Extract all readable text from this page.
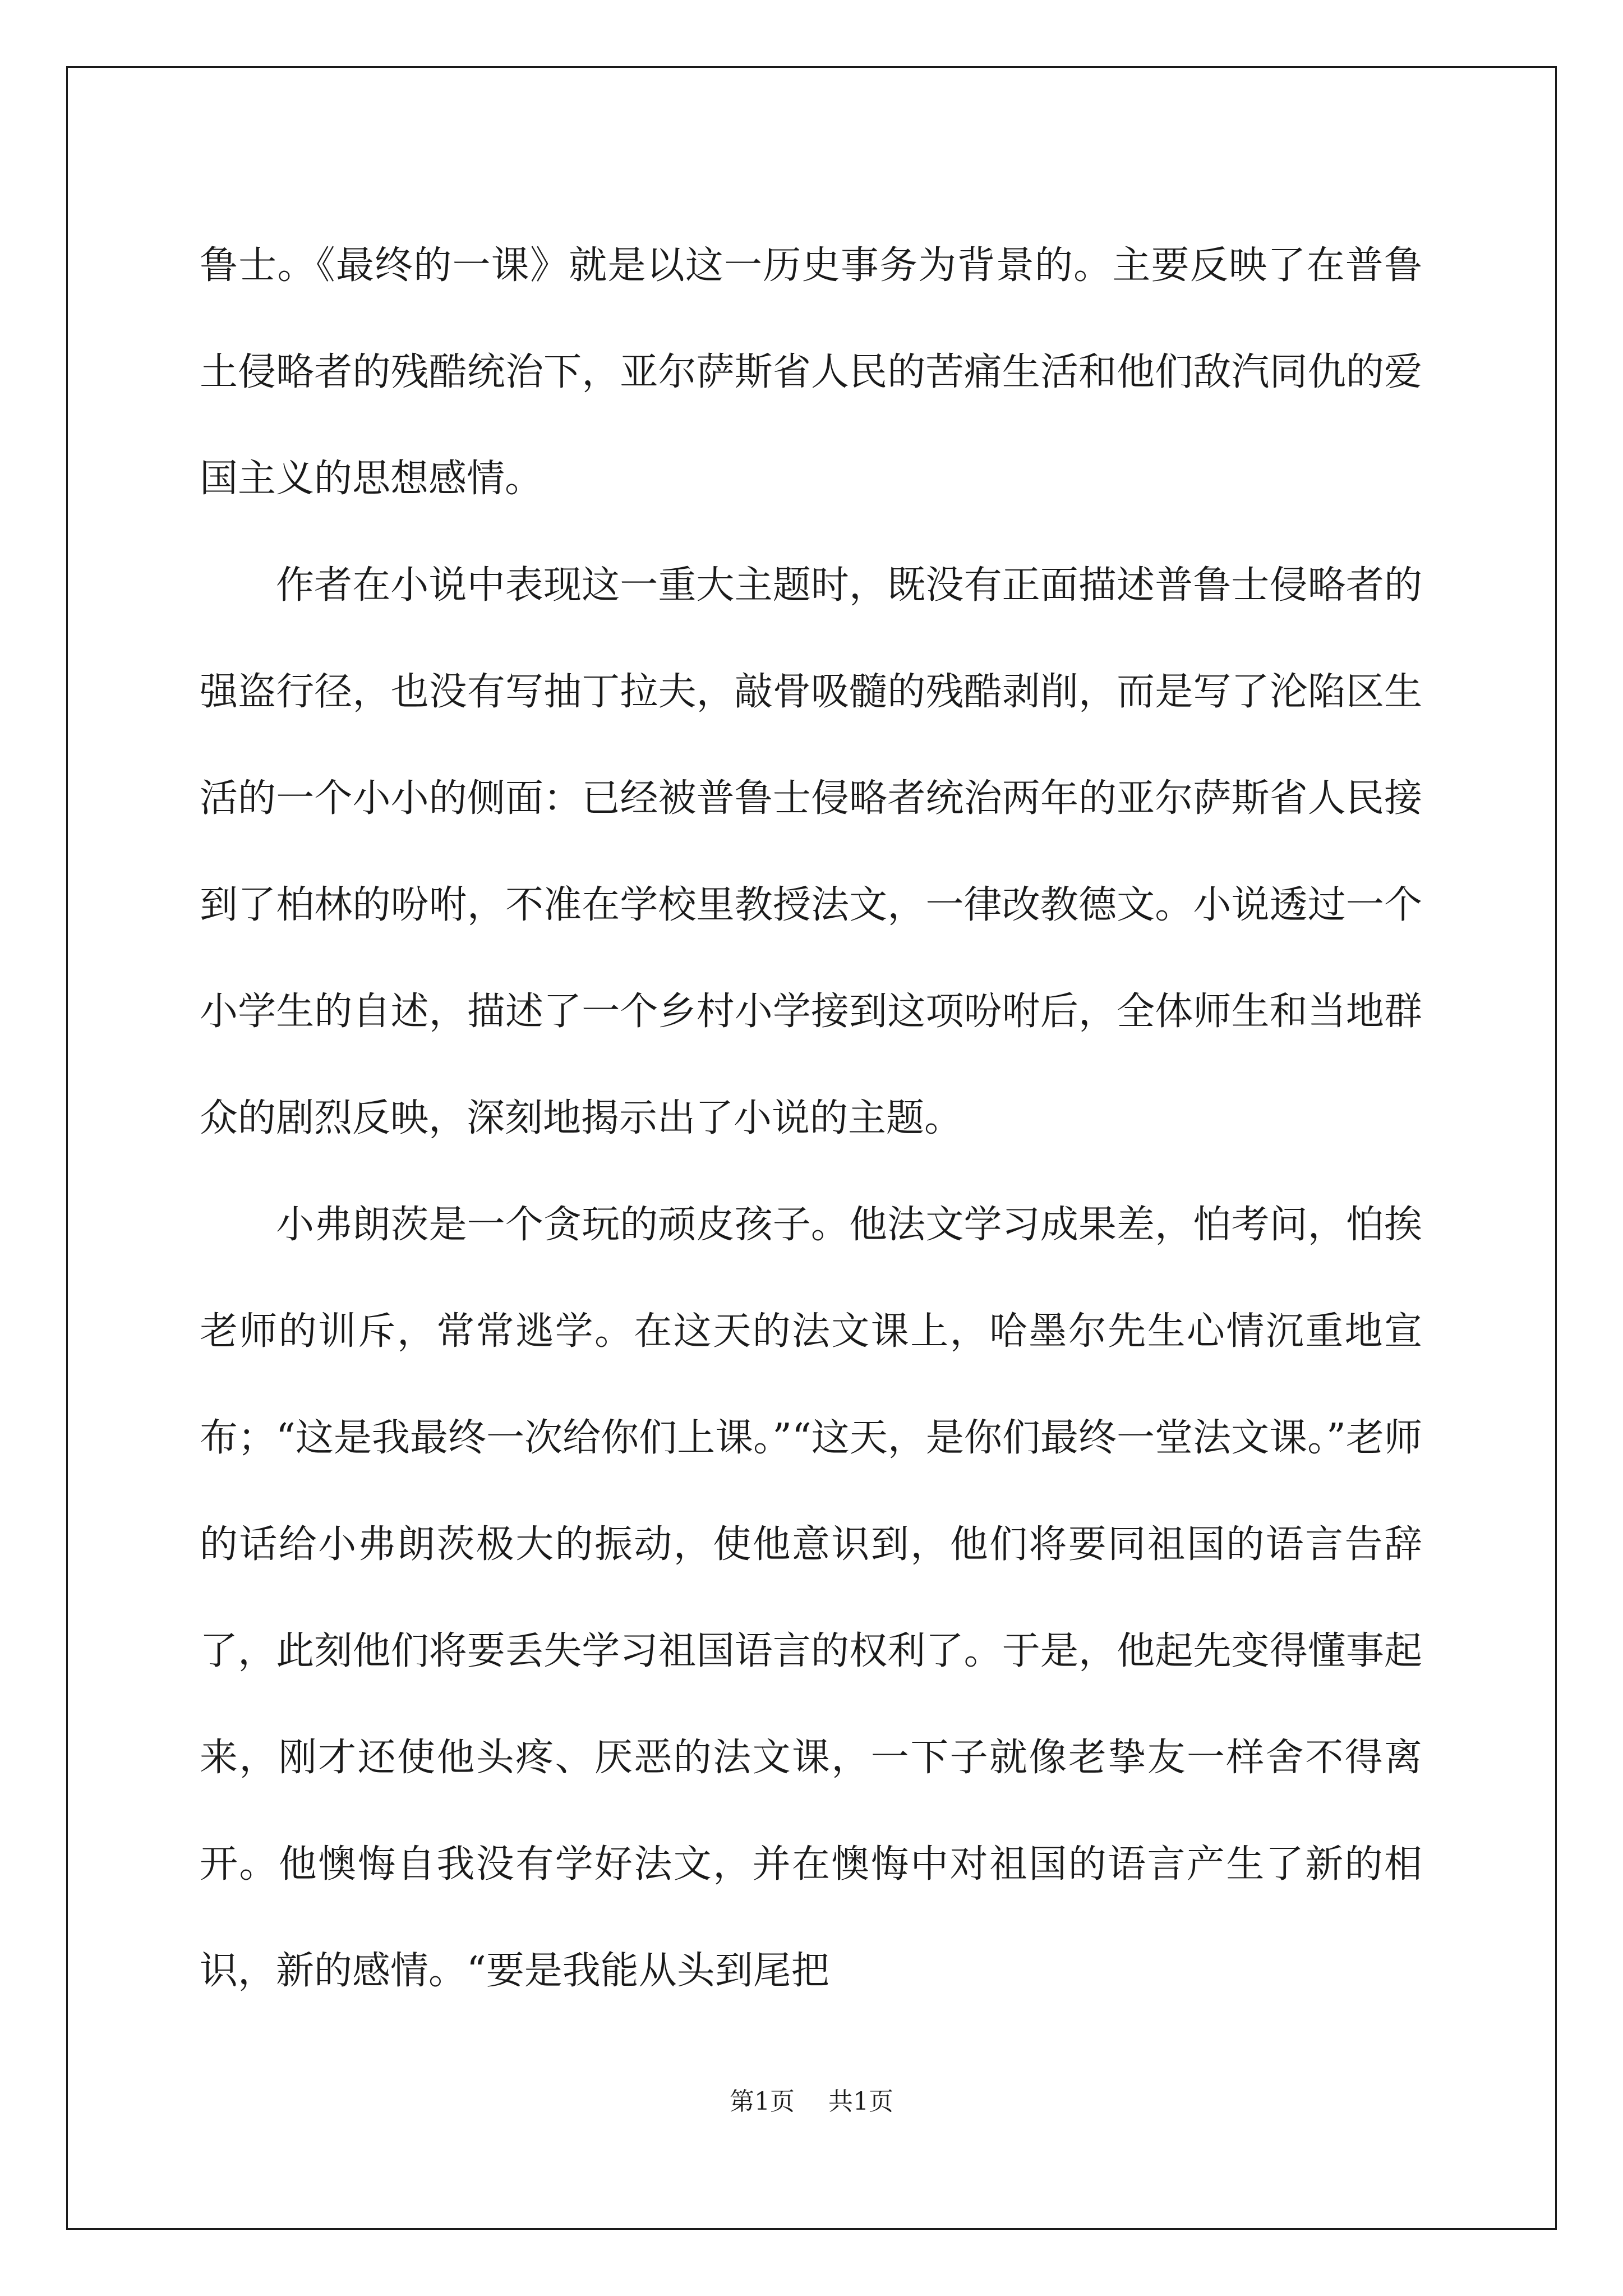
鲁士。《最终的一课》就是以这一历史事务为背景的。主要反映了在普鲁土侵略者的残酷统治下，亚尔萨斯省人民的苦痛生活和他们敌汽同仇的爱国主义的思想感情。

作者在小说中表现这一重大主题时，既没有正面描述普鲁士侵略者的强盗行径，也没有写抽丁拉夫，敲骨吸髓的残酷剥削，而是写了沦陷区生活的一个小小的侧面：已经被普鲁士侵略者统治两年的亚尔萨斯省人民接到了柏林的吩咐，不准在学校里教授法文，一律改教德文。小说透过一个小学生的自述，描述了一个乡村小学接到这项吩咐后，全体师生和当地群众的剧烈反映，深刻地揭示出了小说的主题。

小弗朗茨是一个贪玩的顽皮孩子。他法文学习成果差，怕考问，怕挨老师的训斥，常常逃学。在这天的法文课上，哈墨尔先生心情沉重地宣布；“这是我最终一次给你们上课。”“这天，是你们最终一堂法文课。”老师的话给小弗朗茨极大的振动，使他意识到，他们将要同祖国的语言告辞了，此刻他们将要丢失学习祖国语言的权利了。于是，他起先变得懂事起来，刚才还使他头疼、厌恶的法文课，一下子就像老挚友一样舍不得离开。他懊悔自我没有学好法文，并在懊悔中对祖国的语言产生了新的相识，新的感情。“要是我能从头到尾把

第1页 共1页
